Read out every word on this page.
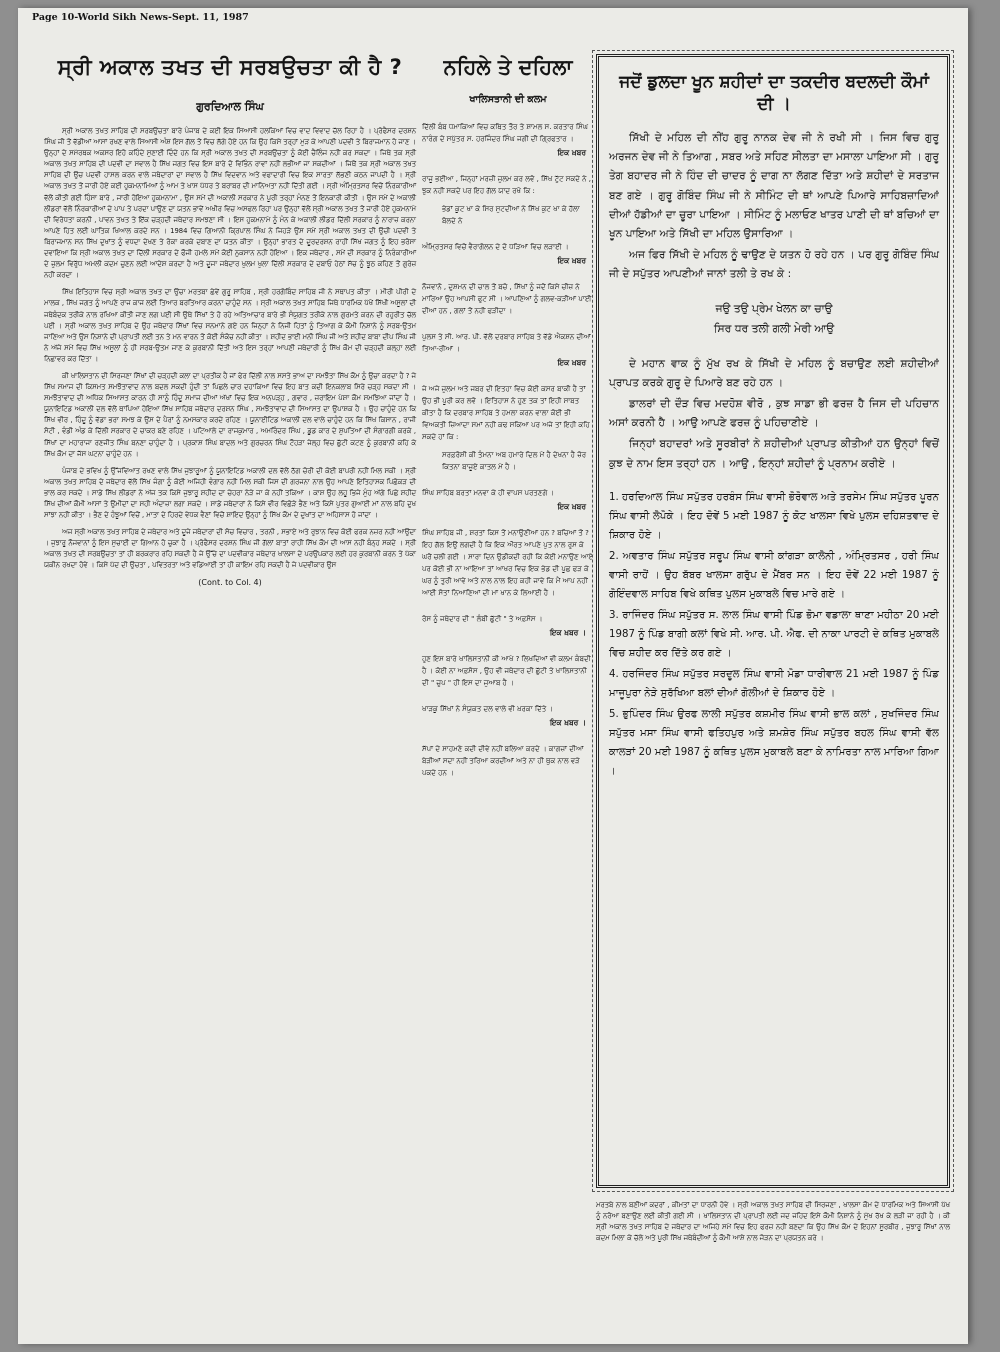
Page 10-World Sikh News-Sept. 11, 1987
ਸ੍ਰੀ ਅਕਾਲ ਤਖਤ ਦੀ ਸਰਬਉਚਤਾ ਕੀ ਹੈ ?
ਗੁਰਦਿਆਲ ਸਿੰਘ

ਸ੍ਰੀ ਅਕਾਲ ਤਖਤ ਸਾਹਿਬ ਦੀ ਸਰਬਉਚਤਾ ਬਾਰੇ ਪੰਜਾਬ ਦੇ ਕਈ ਇਕ ਸਿਆਸੀ ਹਲਕਿਆਂ ਵਿਚ ਵਾਦ ਵਿਵਾਦ ਚੱਲ ਰਿਹਾ ਹੈ । ਪ੍ਰੋਫੈਸਰ ਦਰਸ਼ਨ ਸਿੰਘ ਜੀ ਤੋਂ ਵੱਡੀਆਂ ਆਸਾਂ ਰਖਣ ਵਾਲੇ ਸਿਆਸੀ ਅੰਸ਼ ਇਸ ਗੱਲ ਤੋਂ ਵਿਚ ਲੱਗੇ ਹੋਏ ਹਨ ਕਿ ਉਹ ਕਿਸੇ ਤਰ੍ਹਾਂ ਮੁੜ ਕੇ ਆਪਣੀ ਪਦਵੀ ਤੇ ਬਿਰਾਜਮਾਨ ਹੋ ਜਾਣ । ਉਨ੍ਹਾਂ ਦੇ ਸਮੱਰਥਕ ਅਕਸਰ ਇਹੋ ਕਹਿੰਦੇ ਸੁਣਾਈ ਦਿੰਦੇ ਹਨ ਕਿ ਸ੍ਰੀ ਅਕਾਲ ਤਖਤ ਦੀ ਸਰਬਉਚਤਾ ਨੂੰ ਕੋਈ ਚੈਲਿੰਜ ਨਹੀਂ ਕਰ ਸਕਦਾ । ਜਿਥੇ ਤਕ ਸ੍ਰੀ ਅਕਾਲ ਤਖਤ ਸਾਹਿਬ ਦੀ ਪਦਵੀ ਦਾ ਸਵਾਲ ਹੈ ਸਿੱਖ ਜਗਤ ਵਿਚ ਇਸ ਬਾਰੇ ਦੋ ਵਿਭਿੰਨ ਰਾਵਾਂ ਨਹੀਂ ਲਭੀਆਂ ਜਾ ਸਕਦੀਆਂ । ਜਿਥੋਂ ਤਕ ਸ੍ਰੀ ਅਕਾਲ ਤਖਤ ਸਾਹਿਬ ਦੀ ਉਚ ਪਦਵੀ ਹਾਸਲ ਕਰਨ ਵਾਲੇ ਜਥੇਦਾਰਾਂ ਦਾ ਸਵਾਲ ਹੈ ਸਿੱਖ ਵਿਦਵਾਨ ਅਤੇ ਵਫਾਦਾਰੀ ਵਿਚ ਇਕ ਸਾਰਤਾ ਲੱਭਣੀ ਕਠਨ ਜਾਪਦੀ ਹੈ । ਸ੍ਰੀ ਅਕਾਲ ਤਖਤ ਤੋਂ ਜਾਰੀ ਹੋਏ ਕਈ ਹੁਕਮਨਾਮਿਆਂ ਨੂੰ ਆਮ ਤੇ ਖਾਸ ਪੱਧਰ ਤੇ ਬਰਾਬਰ ਦੀ ਮਾਨਿਅਤਾ ਨਹੀਂ ਦਿੱਤੀ ਗਈ । ਸ੍ਰੀ ਅੰਮ੍ਰਿਤਸਰ ਵਿਚੋਂ ਨਿੰਰਕਾਰੀਆਂ ਵੱਲੋਂ ਕੀਤੀ ਗਈ ਹਿੰਸਾ ਬਾਰੇ , ਜਾਰੀ ਹੋਇਆ ਹੁਕਮਨਾਮਾ , ਉਸ ਸਮੇਂ ਦੀ ਅਕਾਲੀ ਸਰਕਾਰ ਨੇ ਪੂਰੀ ਤਰ੍ਹਾਂ ਮੰਨਣ ਤੋਂ ਇਨਕਾਰੀ ਕੀਤੀ । ਉਸ ਸਮੇਂ ਦੇ ਅਕਾਲੀ ਲੀਡਰਾਂ ਵੱਲੋਂ ਨਿੰਰਕਾਰੀਆਂ ਦੇ ਪਾਪ ਤੇ ਪਰਦਾ ਪਾਉਣ ਦਾ ਯਤਨ ਭਾਵੇਂ ਅਖੀਰ ਵਿਚ ਅਸਫਲ ਰਿਹਾ ਪਰ ਉਨ੍ਹਾਂ ਵੱਲੋਂ ਸ੍ਰੀ ਅਕਾਲ ਤਖਤ ਤੋਂ ਜਾਰੀ ਹੋਏ ਹੁਕਮਨਾਮੇ ਦੀ ਵਿਰੋਧਤਾ ਕਰਨੀ , ਪਾਵਨ ਤਖਤ ਤੇ ਇੱਕ ਚੜ੍ਹਦੀ ਜਥੇਦਾਰ ਸਮਝਣਾ ਸੀ । ਇਸ ਹੁਕਮਨਾਮੇ ਨੂੰ ਮੰਨ ਕੇ ਅਕਾਲੀ ਲੀਡਰ ਦਿੱਲੀ ਸਰਕਾਰ ਨੂੰ ਨਾਰਾਜ਼ ਕਰਨਾ ਆਪਣੇ ਹਿਤ ਲਈ ਘਾਤਿਕ ਖਿਆਲ ਕਰਦੇ ਸਨ । 1984 ਵਿਚ ਗਿਆਨੀ ਕ੍ਰਿਪਾਲ ਸਿੰਘ ਨੇ ਜਿਹੜੇ ਉਸ ਸਮੇਂ ਸ੍ਰੀ ਅਕਾਲ ਤਖਤ ਦੀ ਉਚੀ ਪਦਵੀ ਤੇ ਬਿਰਾਜਮਾਨ ਸਨ ਸਿੱਖ ਦੁਖਾਂਤ ਨੂੰ ਵਧਦਾ ਦੇਖਣ ਤੇ ਰੋਕਾ ਕਰਕੇ ਦਬਾਣ ਦਾ ਯਤਨ ਕੀਤਾ । ਉਨ੍ਹਾਂ ਭਾਰਤ ਦੇ ਦੂਰਦਰਸ਼ਨ ਰਾਹੀਂ ਸਿੱਖ ਜਗਤ ਨੂੰ ਇਹ ਭਰੋਸਾ ਦਵਾਇਆ ਕਿ ਸ੍ਰੀ ਅਕਾਲ ਤਖਤ ਦਾ ਦਿੱਲੀ ਸਰਕਾਰ ਦੇ ਫੌਜੀ ਹਮਲੇ ਸਮੇਂ ਕੋਈ ਨੁਕਸਾਨ ਨਹੀਂ ਹੋਇਆ । ਇਕ ਜਥੇਦਾਰ , ਸਮੇਂ ਦੀ ਸਰਕਾਰ ਨੂੰ ਨਿਰੰਕਾਰੀਆਂ ਦੇ ਜ਼ੁਲਮ ਵਿਰੁੱਧ ਅਮਲੀ ਕਦਮ ਚੁਣਨ ਲਈ ਆਦੇਸ਼ ਕਰਦਾ ਹੈ ਅਤੇ ਦੂਜਾ ਜਥੇਦਾਰ ਖੁਲਮ ਖੁਲਾ ਦਿੱਲੀ ਸਰਕਾਰ ਦੇ ਦਬਾਓ ਹੇਠਾਂ ਸੱਚ ਨੂੰ ਝੂਠ ਕਹਿਣ ਤੋਂ ਗੁਰੇਜ਼ ਨਹੀਂ ਕਰਦਾ ।

ਸਿੱਖ ਇਤਿਹਾਸ ਵਿਚ ਸ੍ਰੀ ਅਕਾਲ ਤਖਤ ਦਾ ਉਚਾ ਮਰਤਬਾ ਛੇਵੇਂ ਗੁਰੂ ਸਾਹਿਬ , ਸ੍ਰੀ ਹਰਗੋਬਿੰਦ ਸਾਹਿਬ ਜੀ ਨੇ ਸਥਾਪਤ ਕੀਤਾ । ਮੀਰੀ ਪੀਰੀ ਦੇ ਮਾਲਕ , ਸਿੱਖ ਜਗਤ ਨੂੰ ਆਪਣੇ ਰਾਜ ਕਾਜ ਲਈ ਤਿਆਰ ਬਰਤਿਆਰ ਕਰਨਾ ਚਾਹੁੰਦੇ ਸਨ । ਸ੍ਰੀ ਅਕਾਲ ਤਖਤ ਸਾਹਿਬ ਜਿਥੇ ਧਾਰਮਿਕ ਪੱਖੋਂ ਸਿੱਖੀ ਅਸੂਲਾਂ ਦੀ ਜਥੇਬੰਦਕ ਤਰੀਕੇ ਨਾਲ ਰਖਿਆ ਕੀਤੀ ਜਾਣ ਲਗ ਪਈ ਸੀ ਉਥੇ ਸਿੱਖਾਂ ਤੇ ਹੋ ਰਹੇ ਅਤਿਆਚਾਰ ਬਾਰੇ ਭੀ ਸੰਯੁਗਤ ਤਰੀਕੇ ਨਾਲ ਗੁਰਮਤੇ ਕਰਨ ਦੀ ਰਹੁਰੀਤ ਚੱਲ ਪਈ । ਸ੍ਰੀ ਅਕਾਲ ਤਖਤ ਸਾਹਿਬ ਦੇ ਉਹ ਜਥੇਦਾਰ ਸਿੱਖਾਂ ਵਿਚ ਸਨਮਾਨੇ ਗਏ ਹਨ ਜਿਨ੍ਹਾਂ ਨੇ ਨਿਜੀ ਹਿਤਾਂ ਨੂੰ ਤਿਆਗ ਕੇ ਕੌਮੀ ਨਿਸ਼ਾਨੇ ਨੂੰ ਸਰਬ-ਉਤਮ ਜਾਣਿਆ ਅਤੇ ਉਸ ਨਿਸ਼ਾਨੇ ਦੀ ਪ੍ਰਾਪਤੀ ਲਈ ਤਨ ਤੇ ਮਨ ਵਾਰਨ ਤੋਂ ਕੋਈ ਸੰਕੋਚ ਨਹੀਂ ਕੀਤਾ । ਸ਼ਹੀਦ ਭਾਈ ਮਨੀ ਸਿੰਘ ਜੀ ਅਤੇ ਸ਼ਹੀਦ ਬਾਬਾ ਦੀਪ ਸਿੰਘ ਜੀ ਨੇ ਅੱਜੇ ਸਮੇਂ ਵਿਚ ਸਿੱਖ ਅਸੂਲਾਂ ਨੂੰ ਹੀ ਸਰਬ-ਉਤਮ ਜਾਣ ਕੇ ਕੁਰਬਾਨੀ ਦਿੱਤੀ ਅਤੇ ਇਸ ਤਰ੍ਹਾਂ ਆਪਣੀ ਜਥੇਦਾਰੀ ਨੂੰ ਸਿੱਖ ਕੌਮ ਦੀ ਚੜ੍ਹਦੀ ਕਲ੍ਹਾ ਲਈ ਨਿਛਾਵਰ ਕਰ ਦਿੱਤਾ ।

ਕੀ ਖਾਲਿਸਤਾਨ ਦੀ ਸਿਰਜਣਾ ਸਿੱਖਾਂ ਦੀ ਚੜ੍ਹਦੀ ਕਲਾ ਦਾ ਪ੍ਰਤੀਕ ਹੈ ਜਾਂ ਫੇਰ ਦਿੱਲੀ ਨਾਲ ਸਸਤੇ ਭਾਅ ਦਾ ਸਮਝੌਤਾ ਸਿੱਖ ਕੌਮ ਨੂੰ ਉਚਾ ਕਰਦਾ ਹੈ ? ਜੇ ਸਿੱਖ ਸਮਾਜ ਦੀ ਕਿਸਮਤ ਸਮਝੌਤਾਵਾਦ ਨਾਲ ਬਦਲ ਸਕਦੀ ਹੁੰਦੀ ਤਾਂ ਪਿਛਲੇ ਚਾਰ ਦਹਾਕਿਆਂ ਵਿਚ ਇਹ ਬਾਤ ਕਦੀ ਇਨਕਲਾਬ ਸਿਰੇ ਚੜ੍ਹ ਸਕਦਾ ਸੀ । ਸਮਝੌਤਾਵਾਦ ਦੀ ਅਧਿਕ ਸਿਆਸਤ ਕਾਰਨ ਹੀ ਸਾਨੂੰ ਹਿੰਦੂ ਸਮਾਜ ਦੀਆਂ ਅੱਖਾਂ ਵਿਚ ਇਕ ਅਨਪੜ੍ਹ , ਗਵਾਰ , ਜ਼ਰਾਇਮ ਪੇਸ਼ਾ ਕੌਮ ਸਮਝਿਆ ਜਾਂਦਾ ਹੈ । ਯੂਨਾਇਟਿਡ ਅਕਾਲੀ ਦਲ ਵੱਲੋਂ ਥਾਪਿਆ ਹੋਇਆ ਸਿੱਖ ਸਾਹਿਬ ਜਥੇਦਾਰ ਦਰਸ਼ਨ ਸਿੰਘ , ਸਮਝੌਤਾਵਾਦ ਦੀ ਸਿਆਸਤ ਦਾ ਉਪਾਸ਼ਕ ਹੈ । ਉਹ ਚਾਹੁੰਦੇ ਹਨ ਕਿ ਸਿੱਖ ਵੀਰ , ਹਿੰਦੂ ਨੂੰ ਵੱਡਾ ਭਰਾ ਸਮਝ ਕੇ ਉਸ ਦੇ ਪੈਰਾਂ ਨੂੰ ਨਮਸਕਾਰ ਕਰਦੇ ਰਹਿਣ । ਯੂਨਾਈਟਿਡ ਅਕਾਲੀ ਦਲ ਵਾਲੇ ਚਾਹੁੰਦੇ ਹਨ ਕਿ ਸਿੱਖ ਕਿਸਾਨ , ਰਾਜੀ ਸੋਟੀ , ਵੰਡੀ ਅੰਡ ਕੇ ਦਿੱਲੀ ਸਰਕਾਰ ਦੇ ਚਾਕਰ ਬਣੇ ਰਹਿਣ । ਪਟਿਆਲੇ ਦਾ ਰਾਜਕੁਮਾਰ , ਅਮਰਿੰਦਰ ਸਿੰਘ , ਡੂਡ ਕਾਰ ਦੇ ਸ਼ੁਪਤਿਆਂ ਦੀ ਸੰਗਾਰਗੀ ਕਰਕੇ , ਸਿੱਖਾਂ ਦਾ ਮਹਾਰਾਜਾ ਰਣਜੀਤ ਸਿੰਘ ਬਨਣਾ ਚਾਹੁੰਦਾ ਹੈ । ਪ੍ਰਕਾਸ਼ ਸਿੰਘ ਬਾਦਲ ਅਤੇ ਗੁਰਚਰਨ ਸਿੰਘ ਟੌਹੜਾ ਜੇਲ੍ਹ ਵਿਚ ਛੁੱਟੀ ਕਟਣ ਨੂੰ ਕੁਰਬਾਨੀ ਕਹਿ ਕੇ ਸਿੱਖ ਕੌਮ ਦਾ ਜੱਸ ਘਟਨਾ ਚਾਹੁੰਦੇ ਹਨ ।

ਪੰਜਾਬ ਦੇ ਭਵਿਖ ਨੂੰ ਉੱਜਵਿਆਤ ਰਖਣ ਵਾਲੇ ਸਿੱਖ ਜੁਝਾਰੂਆਂ ਨੂੰ ਯੂਨਾਇਟਿਡ ਅਕਾਲੀ ਦਲ ਵੱਲੋਂ ਠੱਗ ਚੋਰੀ ਦੀ ਕੋਈ ਬਾਪਰੀ ਨਹੀਂ ਮਿਲ ਸਕੀ । ਸ੍ਰੀ ਅਕਾਲ ਤਖਤ ਸਾਹਿਬ ਦੇ ਜਥੇਦਾਰ ਵੱਲੋਂ ਸਿੱਖ ਜੰਗਾ ਨੂੰ ਕੋਈ ਅਜਿਹੀ ਵੰਗਾਰ ਨਹੀਂ ਮਿਲ ਸਕੀ ਜਿਸ ਦੀ ਗਰਜਨਾ ਨਾਲ ਉਹ ਆਪਣੇ ਇਤਿਹਾਸਕ ਪਿਛੋਕੜ ਦੀ ਭਾਲ ਕਰ ਸਕਦੇ । ਸਾਡੇ ਸਿੱਖ ਲੀਡਰਾਂ ਨੇ ਅੱਜ ਤਕ ਕਿਸੇ ਜੁਝਾਰੂ ਸ਼ਹੀਦ ਦਾ ਚੇਹਰਾ ਨੇੜੇ ਜਾ ਕੇ ਨਹੀਂ ਤਕਿਆ । ਕਾਸ਼ ਉਹ ਲਹੂ ਭਿਜੇ ਮੁੰਹ ਅੱਗੇ ਪਿਛੇ ਸ਼ਹੀਦ ਸਿੱਖ ਦੀਆਂ ਕੌਮੀ ਆਸਾਂ ਤੇ ਉਮੀਦਾਂ ਦਾ ਸਹੀ ਅੰਦਾਜ਼ਾ ਲਗਾ ਸਕਦੇ । ਸਾਡੇ ਜਥੇਦਾਰਾਂ ਨੇ ਕਿਸੇ ਵੀਰ ਵਿਛੋੜੇ ਭੈਣ ਅਤੇ ਕਿਸੇ ਪੁਤਰ ਗੁਆਈ ਮਾਂ ਨਾਲ ਬਹਿ ਦੁਖ ਸਾਂਝਾ ਨਹੀਂ ਕੀਤਾ । ਭੈਣ ਦੇ ਹੰਝੂਆਂ ਵਿਚੋਂ , ਮਾਤਾ ਦੇ ਹਿਰਦੇ ਵੇਧਕ ਵੈਣਾਂ ਵਿਚੋਂ ਸ਼ਾਇਦ ਉਨ੍ਹਾਂ ਨੂੰ ਸਿੱਖ ਕੌਮ ਦੇ ਦੁਖਾਂਤ ਦਾ ਅਹਿਸਾਸ ਹੋ ਜਾਂਦਾ ।

ਅਜ ਸ੍ਰੀ ਅਕਾਲ ਤਖਤ ਸਾਹਿਬ ਦੇ ਜਥੇਦਾਰ ਅਤੇ ਦੂਜੇ ਜਥੇਦਾਰਾਂ ਦੀ ਸੋਚ ਵਿਚਾਰ , ਤਰਨੀ , ਸਭਾਏ ਅਤੇ ਰੁਝਾਨ ਵਿਚ ਕੋਈ ਫਰਕ ਨਜ਼ਰ ਨਹੀਂ ਆਉਂਦਾ । ਜੁਝਾਰੂ ਨੌਜਵਾਨਾਂ ਨੂੰ ਇਸ ਸੁਚਾਈ ਦਾ ਗਿਆਨ ਹੋ ਚੁਕਾ ਹੈ । ਪ੍ਰੋਫੈਸਰ ਦਰਸ਼ਨ ਸਿੰਘ ਜੀ ਗੱਲਾਂ ਬਾਤਾਂ ਰਾਹੀਂ ਸਿੱਖ ਕੌਮ ਦੀ ਆਸ ਨਹੀਂ ਬੰਨ੍ਹ ਸਕਦੇ । ਸ੍ਰੀ ਅਕਾਲ ਤਖਤ ਦੀ ਸਰਬਉਚਤਾ ਤਾਂ ਹੀ ਬਰਕਰਾਰ ਰਹਿ ਸਕਦੀ ਹੈ ਜੇ ਉੱਚੇ ਦਾ ਪਦਵੀਕਾਰ ਜਥੇਦਾਰ ਖਾਲਸਾ ਦੇ ਪਰਉਪਕਾਰ ਲਈ ਹਰ ਕੁਰਬਾਨੀ ਕਰਨ ਤੇ ਪੱਕਾ ਯਕੀਨ ਰਖਦਾ ਹੋਵੇ । ਕਿਸੇ ਪੱਦ ਦੀ ਉਚਤਾ , ਪਵਿਤਰਤਾ ਅਤੇ ਵਡਿਆਈ ਤਾਂ ਹੀ ਕਾਇਮ ਰਹਿ ਸਕਦੀ ਹੈ ਜੇ ਪਦਵੀਕਾਰ ਉਸ

(Cont. to Col. 4)
ਨਹਿਲੇ ਤੇ ਦਹਿਲਾ
ਖਾਲਿਸਤਾਨੀ ਦੀ ਕਲਮ

ਦਿੱਲੀ ਬੰਬ ਧਮਾਕਿਆਂ ਵਿਚ ਕਥਿਤ ਤੌਰ ਤੇ ਸ਼ਾਮਲ ਸ. ਕਰਤਾਰ ਸਿੰਘ ਨਾਰੰਗ ਦੇ ਸਪੁੱਤਰ ਸ. ਹਰਜਿੰਦਰ ਸਿੰਘ ਜਗੀ ਦੀ ਗ੍ਰਿਫਤਾਰ ।

ਇਕ ਖ਼ਬਰ

ਰਾਜੂ ਭਈਆ , ਜਿਨ੍ਹਾਂ ਮਰਜ਼ੀ ਜ਼ੁਲਮ ਕਰ ਲਵੋ , ਸਿੱਖ ਟੁੱਟ ਸਕਦੇ ਨੇ , ਝੁਕ ਨਹੀਂ ਸਕਦੇ ਪਰ ਇਹ ਗੱਲ ਯਾਦ ਰਖੋ ਕਿ :

ਭੇਡਾਂ ਕੂਟ ਖਾ ਕੇ ਸਿਰ ਸੁਟਦੀਆਂ ਨੇ ਸਿੱਖ ਕੁਟ ਖਾ ਕੇ ਹੱਲਾ ਬੋਲਦੇ ਨੇ

ਅੰਮ੍ਰਿਤਸਰ ਵਿਚੋਂ ਵੈਰਾਗੋਲਨ ਦੇ ਦੋ ਧੜਿਆਂ ਵਿਚ ਲੜਾਈ ।

ਇਕ ਖ਼ਬਰ

ਨੌਜਵਾਨੋ , ਦੁਸ਼ਮਨ ਦੀ ਚਾਲ ਤੋਂ ਬਚੋ , ਸਿੱਖਾਂ ਨੂੰ ਜਦੋਂ ਕਿਸੇ ਚੀਜ਼ ਨੇ ਮਾਰਿਆ ਉਹ ਆਪਸੀ ਫੁਟ ਸੀ । ਆਪਣਿਆਂ ਨੂੰ ਗਲਵ-ਕੜੀਆਂ ਪਾਈ ਦੀਆਂ ਹਨ , ਗਲਾਂ ਤੋਂ ਨਹੀਂ ਫੜੀਦਾ ।

ਪੁਲਸ ਤੇ ਸੀ. ਆਰ. ਪੀ. ਵੱਲੋਂ ਦਰਬਾਰ ਸਾਹਿਬ ਤੇ ਵੱਡੇ ਐਕਸ਼ਨ ਦੀਆਂ ਤਿਆ-ਰੀਆਂ ।

ਇਕ ਖ਼ਬਰ

ਜੇ ਅਜੇ ਜ਼ੁਲਮ ਅਤੇ ਜਬਰ ਦੀ ਇਤਹਾ ਵਿਚ ਕੋਈ ਕਸਰ ਬਾਕੀ ਹੈ ਤਾਂ ਉਹ ਭੀ ਪੂਰੀ ਕਰ ਲਵੋ । ਇਤਿਹਾਸ ਨੇ ਹੁਣ ਤਕ ਤਾਂ ਇਹੀ ਸਾਬਤ ਕੀਤਾ ਹੈ ਕਿ ਦਰਬਾਰ ਸਾਹਿਬ ਤੇ ਹਮਲਾ ਕਰਨ ਵਾਲਾ ਕੋਈ ਭੀ ਵਿਅਕਤੀ ਜ਼ਿਆਦਾ ਸਮਾਂ ਨਹੀਂ ਕਢ ਸਕਿਆ ਪਰ ਅਜੇ ਤਾਂ ਇਹੀ ਕਹਿ ਸਕਦੇ ਹਾਂ ਕਿ :

ਸਰਫ਼ਰੋਸ਼ੀ ਕੀ ਤੰਮਨਾ ਅਬ ਹਮਾਰੇ ਦਿਲ ਮੇਂ ਹੈ ਦੇਖਨਾ ਹੈ ਜ਼ੋਰ ਕਿਤਨਾ ਬਾਜ਼ੂਏ ਕਾਤਲ ਮੇਂ ਹੈ ।

ਸਿੰਘ ਸਾਹਿਬ ਬਰਤਾਂ ਮਨਵਾ ਕੇ ਹੀ ਵਾਪਸ ਪਰਤਣਗੇ ।

ਇਕ ਖ਼ਬਰ

ਸਿੰਘ ਸਾਹਿਬ ਜੀ , ਸ਼ਰਤਾਂ ਕਿਸ ਤੋਂ ਮਨਾਉਣੀਆਂ ਹਨ ? ਬਚਿਆਂ ਤੋਂ ? ਇਹ ਗੱਲ ਇਉਂ ਲਗਦੀ ਹੈ ਕਿ ਇਕ ਔਰਤ ਆਪਣੇ ਪੁਤ ਨਾਲ ਰੁਸ ਕੇ ਘਰੋਂ ਚਲੀ ਗਈ । ਸਾਰਾ ਦਿਨ ਉਡੀਕਦੀ ਰਹੀ ਕਿ ਕੋਈ ਮਨਾਉਣ ਆਏ ਪਰ ਕੋਈ ਭੀ ਨਾ ਆਇਆ ਤਾਂ ਆਖਰ ਵਿਚ ਇਕ ਭੇਡ ਦੀ ਪੂਛ ਫੜ ਕੇ ਘਰ ਨੂੰ ਤੁਰੀ ਆਵੇ ਅਤੇ ਨਾਲ ਨਾਲ ਇਹ ਕਹੀ ਜਾਵੇ ਕਿ ਮੈਂ ਆਪ ਨਹੀਂ ਆਈ ਸੋਤਾਂ ਨਿਆਣਿਆਂ ਦੀ ਮਾਂ ਖਾਨ ਕੇ ਲਿਆਈ ਹੈ ।

ਰੋਸ ਨੂੰ ਜਥੇਦਾਰ ਦੀ " ਲੰਬੀ ਛੁੱਟੀ " ਤੇ ਅਫ਼ਸੋਸ ।

ਇਕ ਖ਼ਬਰ ।

ਹੁਣ ਇਸ ਬਾਰੇ ਖਾਲਿਸਤਾਨੀ ਕੀ ਆਖੇ ? ਲਿਖਦਿਆਂ ਵੀ ਕਲਮ ਕੰਬਦੀ ਹੈ । ਕੋਈ ਨਾ ਅਫ਼ਸੋਸ , ਉਹ ਵੀ ਜਥੇਦਾਰ ਦੀ ਛੁੱਟੀ ਤੇ ਖਾਲਿਸਤਾਨੀ ਦੀ " ਚੁਪ " ਹੀ ਇਸ ਦਾ ਜੁਆਬ ਹੈ ।

ਖਾੜਕੂ ਸਿੱਖਾਂ ਨੇ ਸੰਯੁਕਤ ਦਲ ਵਾਲੇ ਵੀ ਖ਼ਰਕਾ ਦਿੱਤੇ ।

ਇਕ ਖ਼ਬਰ ।

ਸੱਪਾਂ ਦੇ ਸਾਹਮਣੇ ਕਦੀ ਦੀਵੇ ਨਹੀਂ ਬਲਿਆ ਕਰਦੇ । ਕਾਗਜ਼ਾਂ ਦੀਆਂ ਬੇੜੀਆਂ ਸਦਾ ਨਹੀਂ ਤਰਿਆ ਕਰਦੀਆਂ ਅਤੇ ਨਾ ਹੀ ਥੁਕ ਨਾਲ ਵੜੇ ਪਕਦੇ ਹਨ ।

ਜਦੋਂ ਡੁਲਦਾ ਖੂਨ ਸ਼ਹੀਦਾਂ ਦਾ ਤਕਦੀਰ ਬਦਲਦੀ ਕੌਮਾਂ ਦੀ ।

ਸਿੱਖੀ ਦੇ ਮਹਿਲ ਦੀ ਨੀਂਹ ਗੁਰੂ ਨਾਨਕ ਦੇਵ ਜੀ ਨੇ ਰਖੀ ਸੀ । ਜਿਸ ਵਿਚ ਗੁਰੂ ਅਰਜਨ ਦੇਵ ਜੀ ਨੇ ਤਿਆਗ , ਸਬਰ ਅਤੇ ਸਹਿਣ ਸੀਲਤਾ ਦਾ ਮਸਾਲਾ ਪਾਇਆ ਸੀ । ਗੁਰੂ ਤੇਗ ਬਹਾਦਰ ਜੀ ਨੇ ਹਿੰਦ ਦੀ ਚਾਦਰ ਨੂੰ ਦਾਗ ਨਾ ਲੱਗਣ ਦਿੱਤਾ ਅਤੇ ਸ਼ਹੀਦਾਂ ਦੇ ਸਰਤਾਜ ਬਣ ਗਏ । ਗੁਰੂ ਗੋਬਿੰਦ ਸਿੰਘ ਜੀ ਨੇ ਸੀਮਿੰਟ ਦੀ ਥਾਂ ਆਪਣੇ ਪਿਆਰੇ ਸਾਹਿਬਜ਼ਾਦਿਆਂ ਦੀਆਂ ਹੱਡੀਆਂ ਦਾ ਚੂਰਾ ਪਾਇਆ । ਸੀਮਿੰਟ ਨੂੰ ਮਲਾਓਣ ਖਾਤਰ ਪਾਣੀ ਦੀ ਥਾਂ ਬਚਿਆਂ ਦਾ ਖੂਨ ਪਾਇਆ ਅਤੇ ਸਿੱਖੀ ਦਾ ਮਹਿਲ ਉਸਾਰਿਆ ।

ਅਜ ਫਿਰ ਸਿੱਖੀ ਦੇ ਮਹਿਲ ਨੂੰ ਢਾਉਣ ਦੇ ਯਤਨ ਹੋ ਰਹੇ ਹਨ । ਪਰ ਗੁਰੂ ਗੋਬਿੰਦ ਸਿੰਘ ਜੀ ਦੇ ਸਪੁੱਤਰ ਆਪਣੀਆਂ ਜਾਨਾਂ ਤਲੀ ਤੇ ਰਖ ਕੇ :

ਜਉ ਤਉ ਪ੍ਰੇਮ ਖੇਲਨ ਕਾ ਚਾਉ
ਸਿਰ ਧਰ ਤਲੀ ਗਲੀ ਮੇਰੀ ਆਉ

ਦੇ ਮਹਾਨ ਵਾਕ ਨੂੰ ਮੁੱਖ ਰਖ ਕੇ ਸਿੱਖੀ ਦੇ ਮਹਿਲ ਨੂੰ ਬਚਾਉਣ ਲਈ ਸ਼ਹੀਦੀਆਂ ਪ੍ਰਾਪਤ ਕਰਕੇ ਗੁਰੂ ਦੇ ਪਿਆਰੇ ਬਣ ਰਹੇ ਹਨ ।

ਡਾਲਰਾਂ ਦੀ ਦੌੜ ਵਿਚ ਮਦਹੋਸ਼ ਵੀਰੋ , ਕੁਝ ਸਾਡਾ ਭੀ ਫਰਜ਼ ਹੈ ਜਿਸ ਦੀ ਪਹਿਚਾਨ ਅਸਾਂ ਕਰਨੀ ਹੈ । ਆਉ ਆਪਣੇ ਫਰਜ਼ ਨੂੰ ਪਹਿਚਾਣੀਏ ।

ਜਿਨ੍ਹਾਂ ਬਹਾਦਰਾਂ ਅਤੇ ਸੂਰਬੀਰਾਂ ਨੇ ਸ਼ਹੀਦੀਆਂ ਪ੍ਰਾਪਤ ਕੀਤੀਆਂ ਹਨ ਉਨ੍ਹਾਂ ਵਿਚੋਂ ਕੁਝ ਦੇ ਨਾਮ ਇਸ ਤਰ੍ਹਾਂ ਹਨ । ਆਉ , ਇਨ੍ਹਾਂ ਸ਼ਹੀਦਾਂ ਨੂੰ ਪ੍ਰਨਾਮ ਕਰੀਏ ।

1. ਹਰਦਿਆਲ ਸਿੰਘ ਸਪੁੱਤਰ ਹਰਬੰਸ ਸਿੰਘ ਵਾਸੀ ਭੋਰੋਵਾਲ ਅਤੇ ਤਰਸੇਮ ਸਿੰਘ ਸਪੁੱਤਰ ਪੂਰਨ ਸਿੰਘ ਵਾਸੀ ਲੋਪੋਕੇ । ਇਹ ਦੋਵੇਂ 5 ਮਈ 1987 ਨੂੰ ਕੋਟ ਖਾਲਸਾ ਵਿਖੇ ਪੁਲਸ ਦਹਿਸ਼ਤਵਾਦ ਦੇ ਸ਼ਿਕਾਰ ਹੋਏ ।
2. ਅਵਤਾਰ ਸਿੰਘ ਸਪੁੱਤਰ ਸਰੂਪ ਸਿੰਘ ਵਾਸੀ ਕਾਂਗੜਾ ਕਾਲੋਨੀ , ਅੰਮ੍ਰਿਤਸਰ , ਹਰੀ ਸਿੰਘ ਵਾਸੀ ਰਾਹੋਂ । ਉਹ ਬੱਬਰ ਖਾਲਸਾ ਗਰੁੱਪ ਦੇ ਮੈਂਬਰ ਸਨ । ਇਹ ਦੋਵੇਂ 22 ਮਈ 1987 ਨੂੰ ਗੋਇੰਦਵਾਲ ਸਾਹਿਬ ਵਿਖੇ ਕਥਿਤ ਪੁਲਸ ਮੁਕਾਬਲੇ ਵਿਚ ਮਾਰੇ ਗਏ ।
3. ਰਾਜਿੰਦਰ ਸਿੰਘ ਸਪੁੱਤਰ ਸ. ਲਾਲ ਸਿੰਘ ਵਾਸੀ ਪਿੰਡ ਭੋਮਾ ਵਡਾਲਾ ਥਾਣਾ ਮਹੀਠਾ 20 ਮਈ 1987 ਨੂੰ ਪਿੰਡ ਬਾਗੀ ਕਲਾਂ ਵਿਖੇ ਸੀ. ਆਰ. ਪੀ. ਐਫ. ਦੀ ਨਾਕਾ ਪਾਰਟੀ ਦੇ ਕਥਿਤ ਮੁਕਾਬਲੇ ਵਿਚ ਸ਼ਹੀਦ ਕਰ ਦਿੱਤੇ ਕਰ ਗਏ ।
4. ਹਰਜਿੰਦਰ ਸਿੰਘ ਸਪੁੱਤਰ ਸਰਦੂਲ ਸਿੰਘ ਵਾਸੀ ਮੋਡਾ ਧਾਰੀਵਾਲ 21 ਮਈ 1987 ਨੂੰ ਪਿੰਡ ਮਾਜੂਪੁਰਾ ਨੇੜੇ ਸੁਰੱਖਿਆ ਬਲਾਂ ਦੀਆਂ ਗੋਲੀਆਂ ਦੇ ਸ਼ਿਕਾਰ ਹੋਏ ।
5. ਭੁਪਿੰਦਰ ਸਿੰਘ ਉਰਫ ਲਾਲੀ ਸਪੁੱਤਰ ਕਸ਼ਮੀਰ ਸਿੰਘ ਵਾਸੀ ਭਾਲ ਕਲਾਂ , ਸੁਖਜਿੰਦਰ ਸਿੰਘ ਸਪੁੱਤਰ ਮਸਾ ਸਿੰਘ ਵਾਸੀ ਫਤਿਹਪੁਰ ਅਤੇ ਸ਼ਮਸ਼ੇਰ ਸਿੰਘ ਸਪੁੱਤਰ ਬਹਲ ਸਿੰਘ ਵਾਸੀ ਵੱਲ ਕਾਲੜਾਂ 20 ਮਈ 1987 ਨੂੰ ਕਥਿਤ ਪੁਲਸ ਮੁਕਾਬਲੇ ਬਣਾ ਕੇ ਨਾਮਿਰਤਾ ਨਾਲ ਮਾਰਿਆ ਗਿਆ ।
ਮਰਤਬੇ ਨਾਲ ਬਣੀਆਂ ਕਦਰਾਂ , ਕੀਮਤਾਂ ਦਾ ਧਾਰਨੀ ਹੋਵੇ । ਸ੍ਰੀ ਅਕਾਲ ਤਖਤ ਸਾਹਿਬ ਦੀ ਸਿਰਜਣਾ , ਖਾਲਸਾ ਕੌਮ ਦੇ ਧਾਰਮਿਕ ਅਤੇ ਸਿਆਸੀ ਪੱਖ ਨੂੰ ਨਰੋਆ ਬਣਾਉਣ ਲਈ ਕੀਤੀ ਗਈ ਸੀ । ਖਾਲਿਸਤਾਨ ਦੀ ਪ੍ਰਾਪਤੀ ਲਈ ਜਦ ਜਹਿਦ ਇਸੇ ਕੌਮੀ ਨਿਸ਼ਾਨੇ ਨੂੰ ਮੁੱਖ ਰੱਖ ਕੇ ਲੜੀ ਜਾ ਰਹੀ ਹੈ । ਕੀ ਸ੍ਰੀ ਅਕਾਲ ਤਖਤ ਸਾਹਿਬ ਦੇ ਜਥੇਦਾਰ ਦਾ ਅਜਿਹੇ ਸਮੇਂ ਵਿਚ ਇਹ ਫਰਜ਼ ਨਹੀਂ ਬਣਦਾ ਕਿ ਉਹ ਸਿੱਖ ਕੌਮ ਦੇ ਇਹਨਾਂ ਸੂਰਬੀਰ , ਜੁਝਾਰੂ ਸਿੱਖਾਂ ਨਾਲ ਕਦਮ ਮਿਲਾ ਕੇ ਚੱਲੇ ਅਤੇ ਪੂਰੀ ਸਿੱਖ ਜਥੇਬੰਦੀਆਂ ਨੂੰ ਕੌਮੀ ਆਸ਼ੇ ਨਾਲ ਜੋੜਨ ਦਾ ਪ੍ਰਯਤਨ ਕਰੇ ।
